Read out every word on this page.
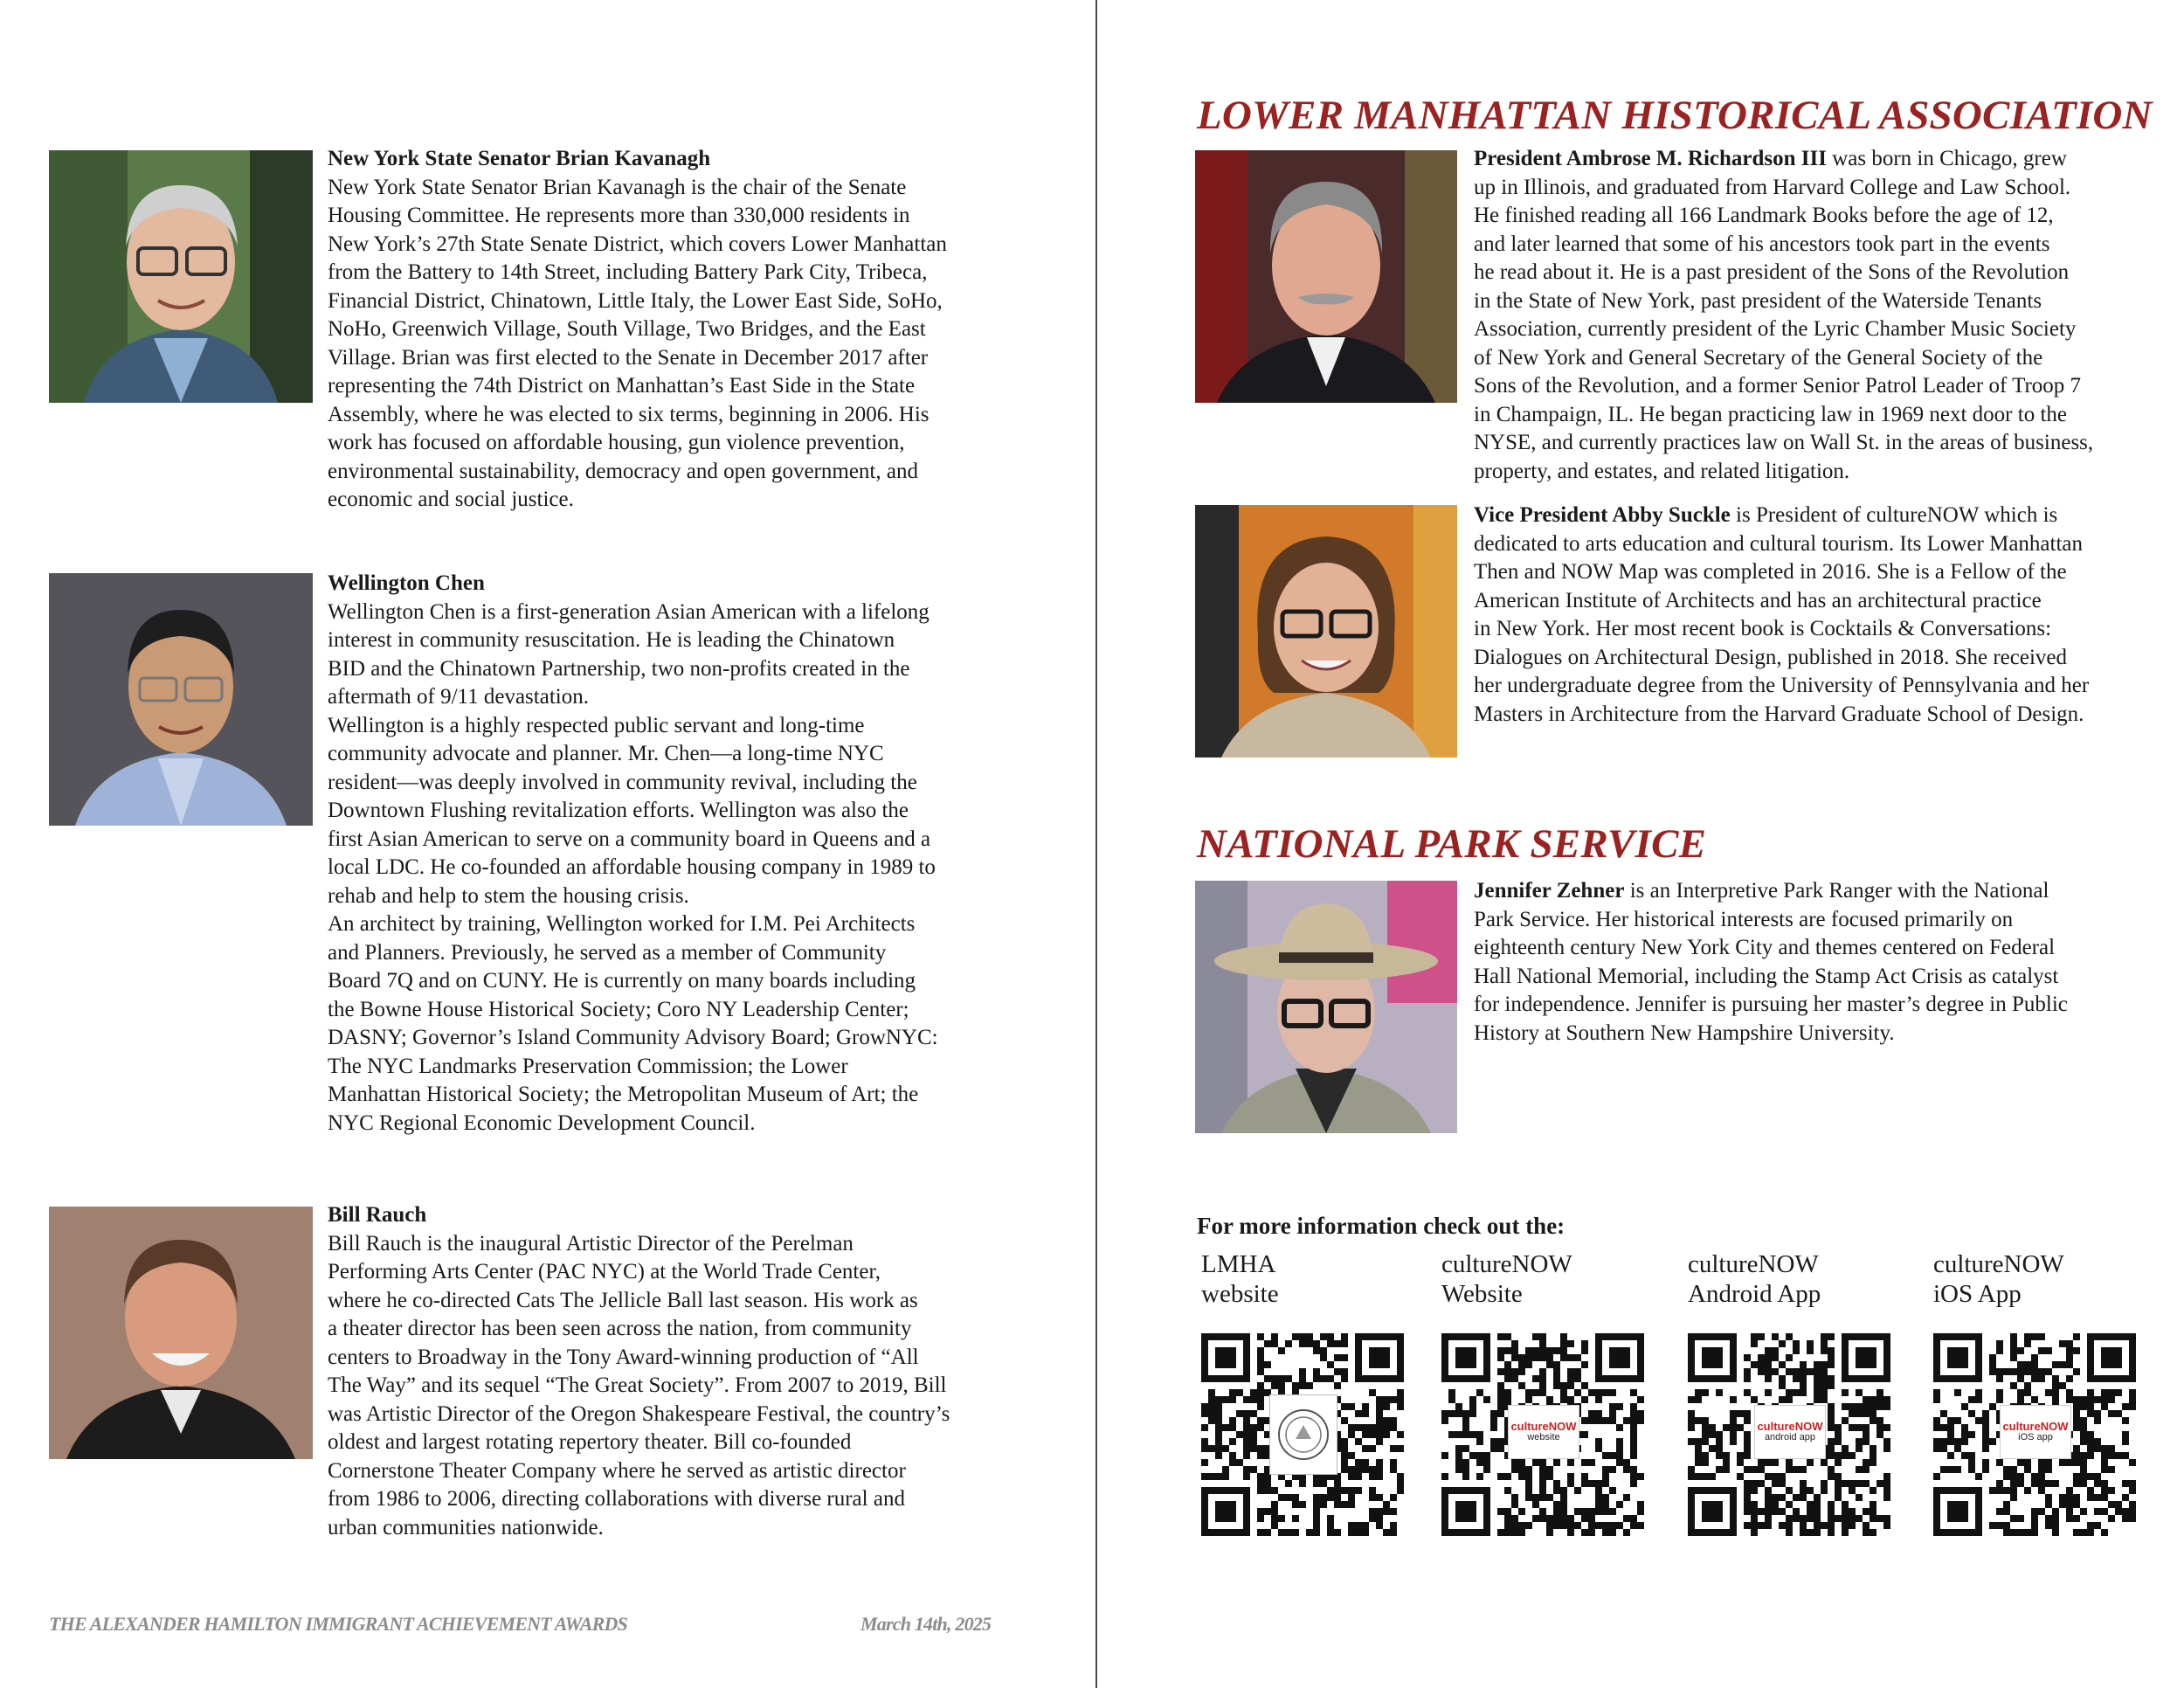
New York State Senator Brian Kavanagh

New York State Senator Brian Kavanagh is the chair of the Senate
Housing Committee. He represents more than 330,000 residents in
New York’s 27th State Senate District, which covers Lower Manhattan
from the Battery to 14th Street, including Battery Park City, Tribeca,
Financial District, Chinatown, Little Italy, the Lower East Side, SoHo,
NoHo, Greenwich Village, South Village, Two Bridges, and the East
Village. Brian was first elected to the Senate in December 2017 after
representing the 74th District on Manhattan’s East Side in the State
Assembly, where he was elected to six terms, beginning in 2006. His
work has focused on affordable housing, gun violence prevention,
environmental sustainability, democracy and open government, and
economic and social justice.

Wellington Chen

Wellington Chen is a first-generation Asian American with a lifelong
interest in community resuscitation. He is leading the Chinatown
BID and the Chinatown Partnership, two non-profits created in the
aftermath of 9/11 devastation.
Wellington is a highly respected public servant and long-time
community advocate and planner. Mr. Chen—a long-time NYC
resident—was deeply involved in community revival, including the
Downtown Flushing revitalization efforts. Wellington was also the
first Asian American to serve on a community board in Queens and a
local LDC. He co-founded an affordable housing company in 1989 to
rehab and help to stem the housing crisis.
An architect by training, Wellington worked for I.M. Pei Architects
and Planners. Previously, he served as a member of Community
Board 7Q and on CUNY. He is currently on many boards including
the Bowne House Historical Society; Coro NY Leadership Center;
DASNY; Governor’s Island Community Advisory Board; GrowNYC:
The NYC Landmarks Preservation Commission; the Lower
Manhattan Historical Society; the Metropolitan Museum of Art; the
NYC Regional Economic Development Council.

Bill Rauch

Bill Rauch is the inaugural Artistic Director of the Perelman
Performing Arts Center (PAC NYC) at the World Trade Center,
where he co-directed Cats The Jellicle Ball last season. His work as
a theater director has been seen across the nation, from community
centers to Broadway in the Tony Award-winning production of “All
The Way” and its sequel “The Great Society”. From 2007 to 2019, Bill
was Artistic Director of the Oregon Shakespeare Festival, the country’s
oldest and largest rotating repertory theater. Bill co-founded
Cornerstone Theater Company where he served as artistic director
from 1986 to 2006, directing collaborations with diverse rural and
urban communities nationwide.

THE ALEXANDER HAMILTON IMMIGRANT ACHIEVEMENT AWARDS	March 14th, 2025
LOWER MANHATTAN HISTORICAL ASSOCIATION

President Ambrose M. Richardson III was born in Chicago, grew
up in Illinois, and graduated from Harvard College and Law School.
He finished reading all 166 Landmark Books before the age of 12,
and later learned that some of his ancestors took part in the events
he read about it. He is a past president of the Sons of the Revolution
in the State of New York, past president of the Waterside Tenants
Association, currently president of the Lyric Chamber Music Society
of New York and General Secretary of the General Society of the
Sons of the Revolution, and a former Senior Patrol Leader of Troop 7
in Champaign, IL. He began practicing law in 1969 next door to the
NYSE, and currently practices law on Wall St. in the areas of business,
property, and estates, and related litigation.

Vice President Abby Suckle is President of cultureNOW which is
dedicated to arts education and cultural tourism. Its Lower Manhattan
Then and NOW Map was completed in 2016. She is a Fellow of the
American Institute of Architects and has an architectural practice
in New York. Her most recent book is Cocktails & Conversations:
Dialogues on Architectural Design, published in 2018. She received
her undergraduate degree from the University of Pennsylvania and her
Masters in Architecture from the Harvard Graduate School of Design.

NATIONAL PARK SERVICE

Jennifer Zehner is an Interpretive Park Ranger with the National
Park Service. Her historical interests are focused primarily on
eighteenth century New York City and themes centered on Federal
Hall National Memorial, including the Stamp Act Crisis as catalyst
for independence. Jennifer is pursuing her master’s degree in Public
History at Southern New Hampshire University.

For more information check out the:

LMHA
website

cultureNOW
Website

cultureNOW
website

cultureNOW
Android App

cultureNOW
android app

cultureNOW
iOS App

cultureNOW
iOS app
